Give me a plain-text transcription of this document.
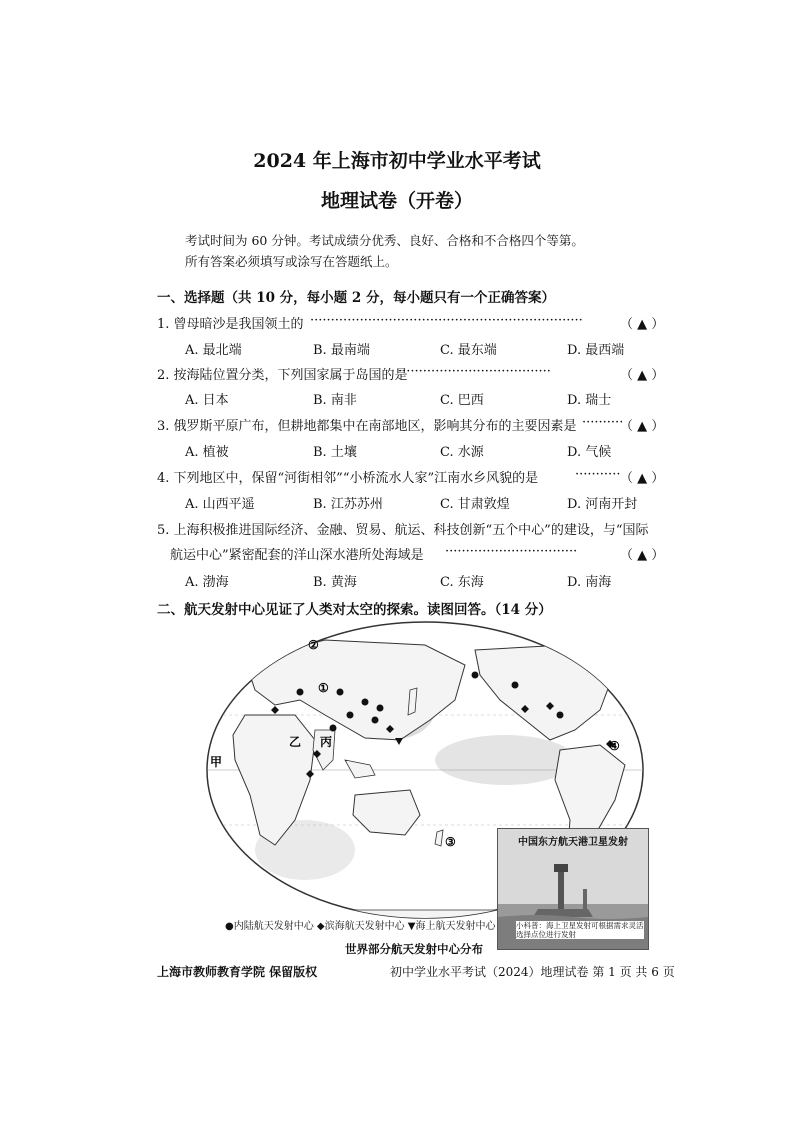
2024 年上海市初中学业水平考试
地理试卷（开卷）
考试时间为 60 分钟。考试成绩分优秀、良好、合格和不合格四个等第。
所有答案必须填写或涂写在答题纸上。
一、选择题（共 10 分，每小题 2 分，每小题只有一个正确答案）
1. 曾母暗沙是我国领土的 ··································································	（ ▲ ）
A. 最北端	B. 最南端	C. 最东端	D. 最西端
2. 按海陆位置分类，下列国家属于岛国的是
·····································	（ ▲ ）
A. 日本	B. 南非	C. 巴西	D. 瑞士
3. 俄罗斯平原广布，但耕地都集中在南部地区，影响其分布的主要因素是 ··········
（ ▲ ）
A. 植被	B. 土壤	C. 水源	D. 气候
4. 下列地区中，保留“河街相邻”“小桥流水人家”江南水乡风貌的是	··········· （ ▲ ）
A. 山西平遥	B. 江苏苏州	C. 甘肃敦煌	D. 河南开封
5. 上海积极推进国际经济、金融、贸易、航运、科技创新“五个中心”的建设，与“国际
航运中心”紧密配套的洋山深水港所处海域是 ································	（ ▲ ）
A. 渤海	B. 黄海	C. 东海	D. 南海
二、航天发射中心见证了人类对太空的探索。读图回答。（14 分）
①
②
③
④
甲
乙 丙
中国东方航天港卫星发射
小科普：海上卫星发射可根据需求灵活选择点位进行发射
●内陆航天发射中心 ◆滨海航天发射中心 ▼海上航天发射中心
世界部分航天发射中心分布
上海市教师教育学院 保留版权	初中学业水平考试（2024）地理试卷 第 1 页 共 6 页
